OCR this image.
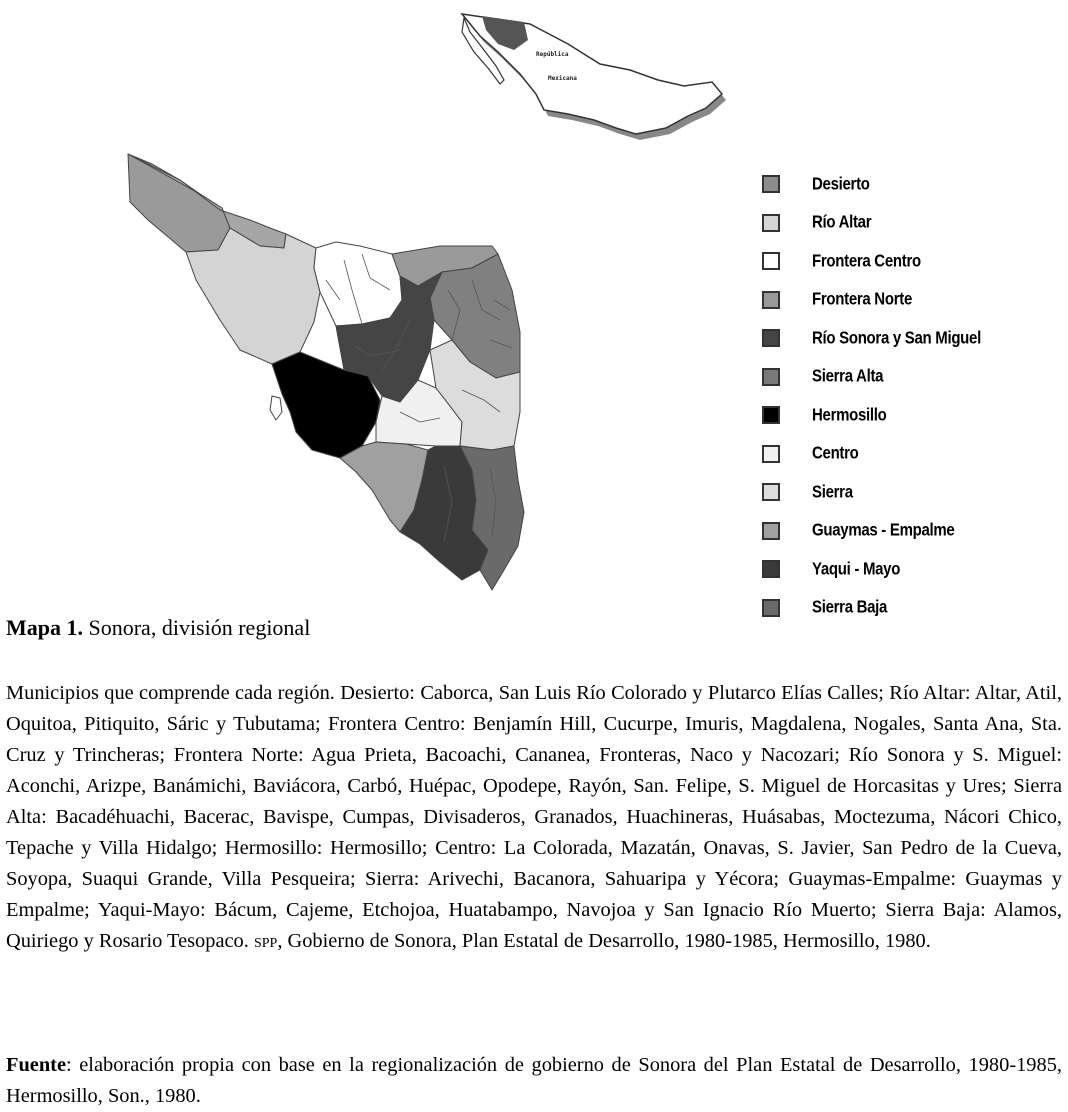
República
Mexicana
Desierto
Río Altar
Frontera Centro
Frontera Norte
Río Sonora y San Miguel
Sierra Alta
Hermosillo
Centro
Sierra
Guaymas - Empalme
Yaqui - Mayo
Sierra Baja
Mapa 1. Sonora, división regional
Municipios que comprende cada región. Desierto: Caborca, San Luis Río Colorado y Plutarco Elías Calles; Río Altar: Altar, Atil, Oquitoa, Pitiquito, Sáric y Tubutama; Frontera Centro: Benjamín Hill, Cucurpe, Imuris, Magdalena, Nogales, Santa Ana, Sta. Cruz y Trincheras; Frontera Norte: Agua Prieta, Bacoachi, Cananea, Fronteras, Naco y Nacozari; Río Sonora y S. Miguel: Aconchi, Arizpe, Banámichi, Baviácora, Carbó, Huépac, Opodepe, Rayón, San. Felipe, S. Miguel de Horcasitas y Ures; Sierra Alta: Bacadéhuachi, Bacerac, Bavispe, Cumpas, Divisaderos, Granados, Huachineras, Huásabas, Moctezuma, Nácori Chico, Tepache y Villa Hidalgo; Hermosillo: Hermosillo; Centro: La Colorada, Mazatán, Onavas, S. Javier, San Pedro de la Cueva, Soyopa, Suaqui Grande, Villa Pesqueira; Sierra: Arivechi, Bacanora, Sahuaripa y Yécora; Guaymas-Empalme: Guaymas y Empalme; Yaqui-Mayo: Bácum, Cajeme, Etchojoa, Huatabampo, Navojoa y San Ignacio Río Muerto; Sierra Baja: Alamos, Quiriego y Rosario Tesopaco. SPP, Gobierno de Sonora, Plan Estatal de Desarrollo, 1980-1985, Hermosillo, 1980.
Fuente: elaboración propia con base en la regionalización de gobierno de Sonora del Plan Estatal de Desarrollo, 1980-1985, Hermosillo, Son., 1980.
